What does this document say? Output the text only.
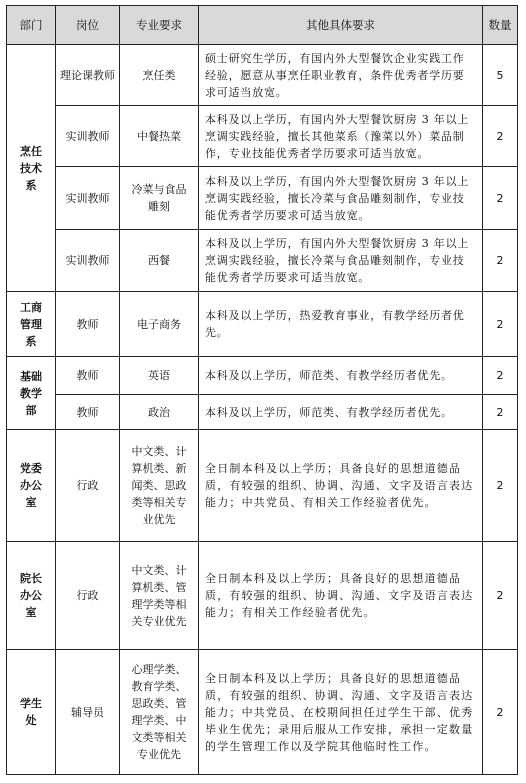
部门	岗位	专业要求	其他具体要求	数量
烹任技术系	理论课教师	烹任类	硕士研究生学历，有国内外大型餐饮企业实践工作经验，愿意从事烹任职业教育，条件优秀者学历要求可适当放宽。	5
	实训教师	中餐热菜	本科及以上学历，有国内外大型餐饮厨房 3 年以上烹调实践经验，擅长其他菜系（豫菜以外）菜品制作，专业技能优秀者学历要求可适当放宽。	2
	实训教师	冷菜与食品雕刻	本科及以上学历，有国内外大型餐饮厨房 3 年以上烹调实践经验，擅长冷菜与食品雕刻制作，专业技能优秀者学历要求可适当放宽。	2
	实训教师	西餐	本科及以上学历，有国内外大型餐饮厨房 3 年以上烹调实践经验，擅长冷菜与食品雕刻制作，专业技能优秀者学历要求可适当放宽。	2
工商管理系	教师	电子商务	本科及以上学历，热爱教育事业，有教学经历者优先。	2
基础教学部	教师	英语	本科及以上学历，师范类、有教学经历者优先。	2
	教师	政治	本科及以上学历，师范类、有教学经历者优先。	2
党委办公室	行政	中文类、计算机类、新闻类、思政类等相关专业优先	全日制本科及以上学历；具备良好的思想道德品质，有较强的组织、协调、沟通、文字及语言表达能力；中共党员、有相关工作经验者优先。	2
院长办公室	行政	中文类、计算机类、管理学类等相关专业优先	全日制本科及以上学历；具备良好的思想道德品质，有较强的组织、协调、沟通、文字及语言表达能力；有相关工作经验者优先。	2
学生处	辅导员	心理学类、教育学类、思政类、管理学类、中文类等相关专业优先	全日制本科及以上学历；具备良好的思想道德品质，有较强的组织、协调、沟通、文字及语言表达能力；中共党员、在校期间担任过学生干部、优秀毕业生优先；录用后服从工作安排，承担一定数量的学生管理工作以及学院其他临时性工作。	2
